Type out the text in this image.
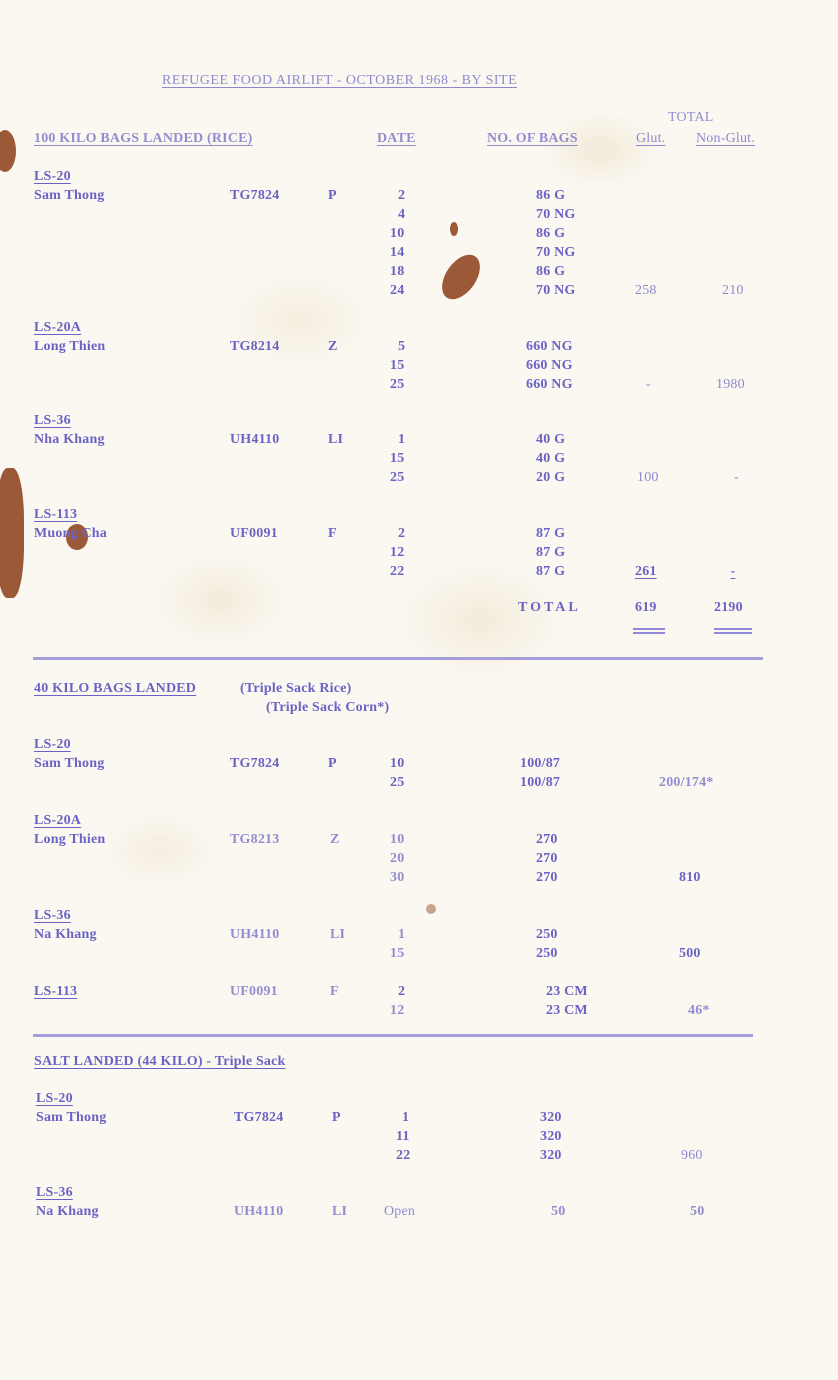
REFUGEE FOOD AIRLIFT - OCTOBER 1968 - BY SITE
TOTAL
100 KILO BAGS LANDED (RICE)	DATE	NO. OF BAGS	Glut. Non-Glut.
LS-20
Sam Thong	TG7824	P	2	86 G
4	70 NG
10	86 G
14	70 NG
18	86 G
24	70 NG	258	210
LS-20A
Long Thien	TG8214	Z	5	660 NG
15	660 NG
25	660 NG	-	1980
LS-36
Nha Khang	UH4110	LI	1	40 G
15	40 G
25	20 G	100	-
LS-113
Muong Cha	UF0091	F	2	87 G
12	87 G
22	87 G	261	-
TOTAL	619	2190
40 KILO BAGS LANDED	(Triple Sack Rice)
(Triple Sack Corn*)
LS-20
Sam Thong	TG7824	P	10	100/87
25	100/87	200/174*
LS-20A
Long Thien	TG8213	Z	10	270
20	270
30	270	810
LS-36
Na Khang	UH4110	LI	1	250
15	250	500
LS-113	UF0091	F	2	23 CM
12	23 CM	46*
SALT LANDED (44 KILO) - Triple Sack
LS-20
Sam Thong	TG7824	P	1	320
11	320
22	320	960
LS-36
Na Khang	UH4110	LI	Open	50	50
